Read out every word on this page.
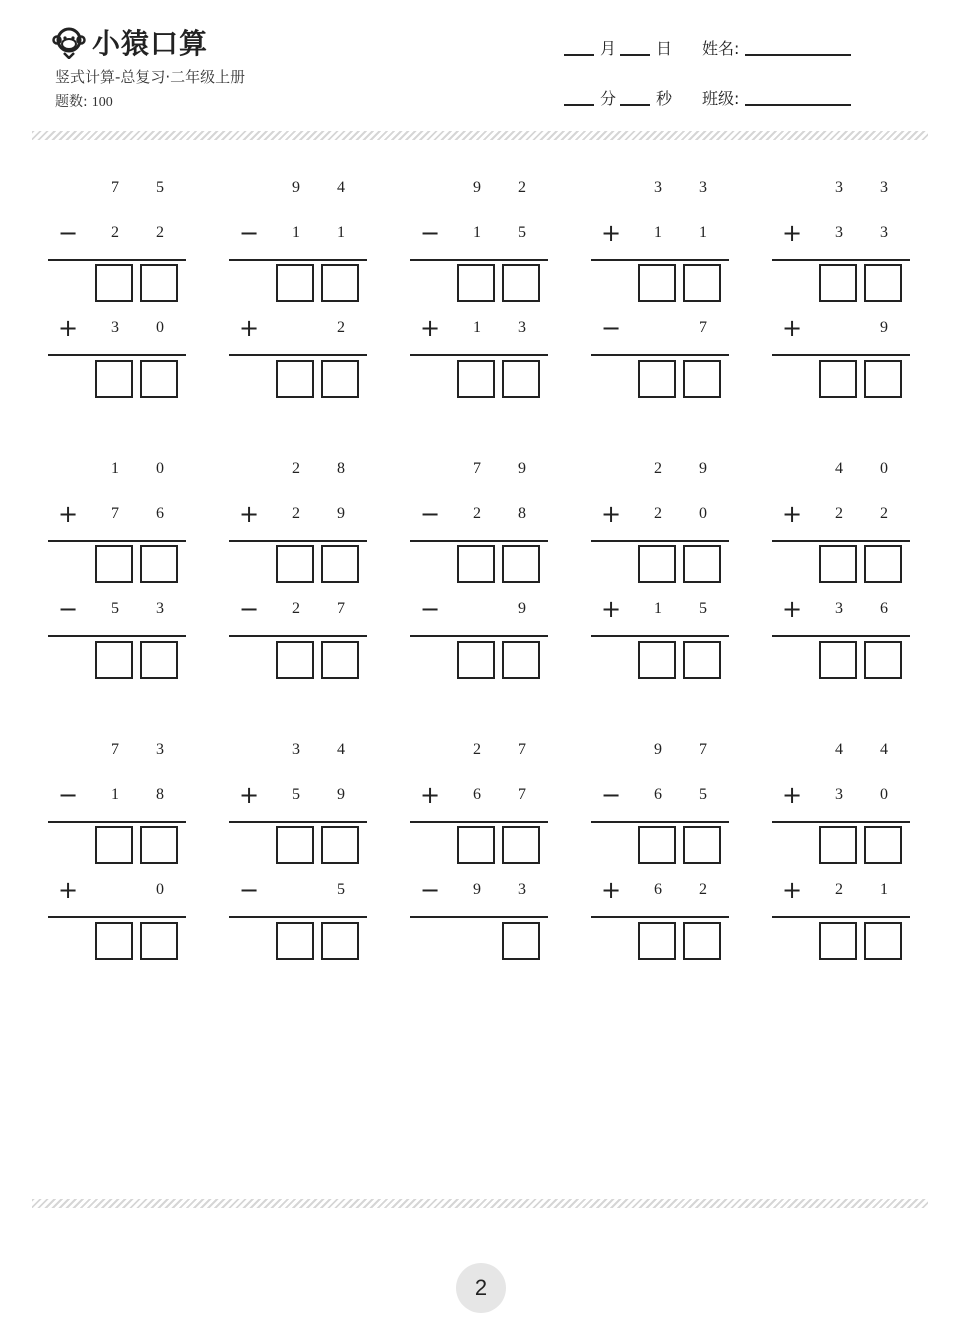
小猿口算
竖式计算-总复习·二年级上册
题数: 100
月	日 姓名:
分	秒 班级:
7	5
−	2	2
+	3	0
9	4
−	1	1
+	2
9	2
−	1	5
+	1	3
3	3
+	1	1
−	7
3	3
+	3	3
+	9
1	0
+	7	6
−	5	3
2	8
+	2	9
−	2	7
7	9
−	2	8
−	9
2	9
+	2	0
+	1	5
4	0
+	2	2
+	3	6
7	3
−	1	8
+	0
3	4
+	5	9
−	5
2	7
+	6	7
−	9	3
9	7
−	6	5
+	6	2
4	4
+	3	0
+	2	1
2
